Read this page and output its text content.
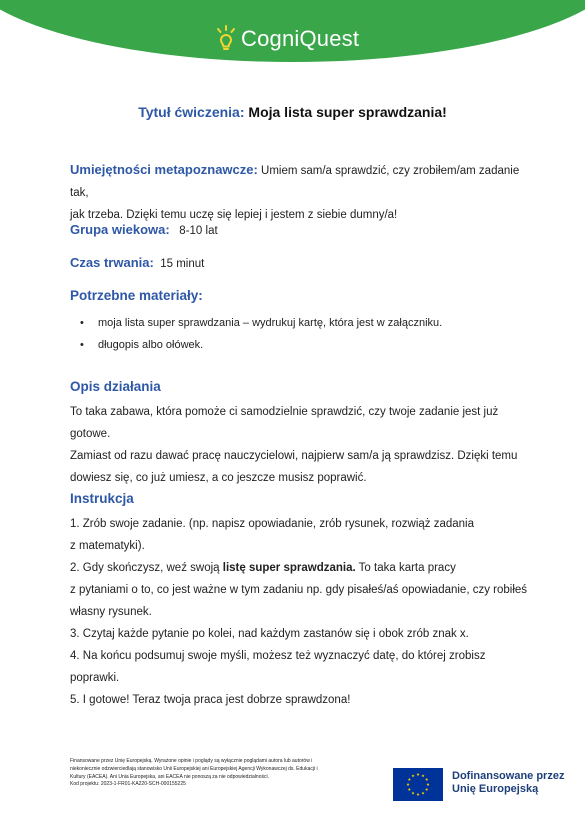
CogniQuest
Tytuł ćwiczenia: Moja lista super sprawdzania!
Umiejętności metapoznawcze: Umiem sam/a sprawdzić, czy zrobiłem/am zadanie tak,
jak trzeba. Dzięki temu uczę się lepiej i jestem z siebie dumny/a!
Grupa wiekowa: 8-10 lat
Czas trwania: 15 minut
Potrzebne materiały:
• moja lista super sprawdzania – wydrukuj kartę, która jest w załączniku.
• długopis albo ołówek.
Opis działania
To taka zabawa, która pomoże ci samodzielnie sprawdzić, czy twoje zadanie jest już gotowe.
Zamiast od razu dawać pracę nauczycielowi, najpierw sam/a ją sprawdzisz. Dzięki temu
dowiesz się, co już umiesz, a co jeszcze musisz poprawić.
Instrukcja

1. Zrób swoje zadanie. (np. napisz opowiadanie, zrób rysunek, rozwiąż zadania

z matematyki).

2. Gdy skończysz, weź swoją listę super sprawdzania. To taka karta pracy

z pytaniami o to, co jest ważne w tym zadaniu np. gdy pisałeś/aś opowiadanie, czy robiłeś

własny rysunek.

3. Czytaj każde pytanie po kolei, nad każdym zastanów się i obok zrób znak x.

4. Na końcu podsumuj swoje myśli, możesz też wyznaczyć datę, do której zrobisz poprawki.

5. I gotowe! Teraz twoja praca jest dobrze sprawdzona!

Finansowane przez Unię Europejską. Wyrażone opinie i poglądy są wyłącznie poglądami autora lub autorów i
niekoniecznie odzwierciedlają stanowisko Unii Europejskiej ani Europejskiej Agencji Wykonawczej ds. Edukacji i
Kultury (EACEA). Ani Unia Europejska, ani EACEA nie ponoszą za nie odpowiedzialności.
Kod projektu: 2023-1-FR01-KA220-SCH-000155225
Dofinansowane przez
Unię Europejską
